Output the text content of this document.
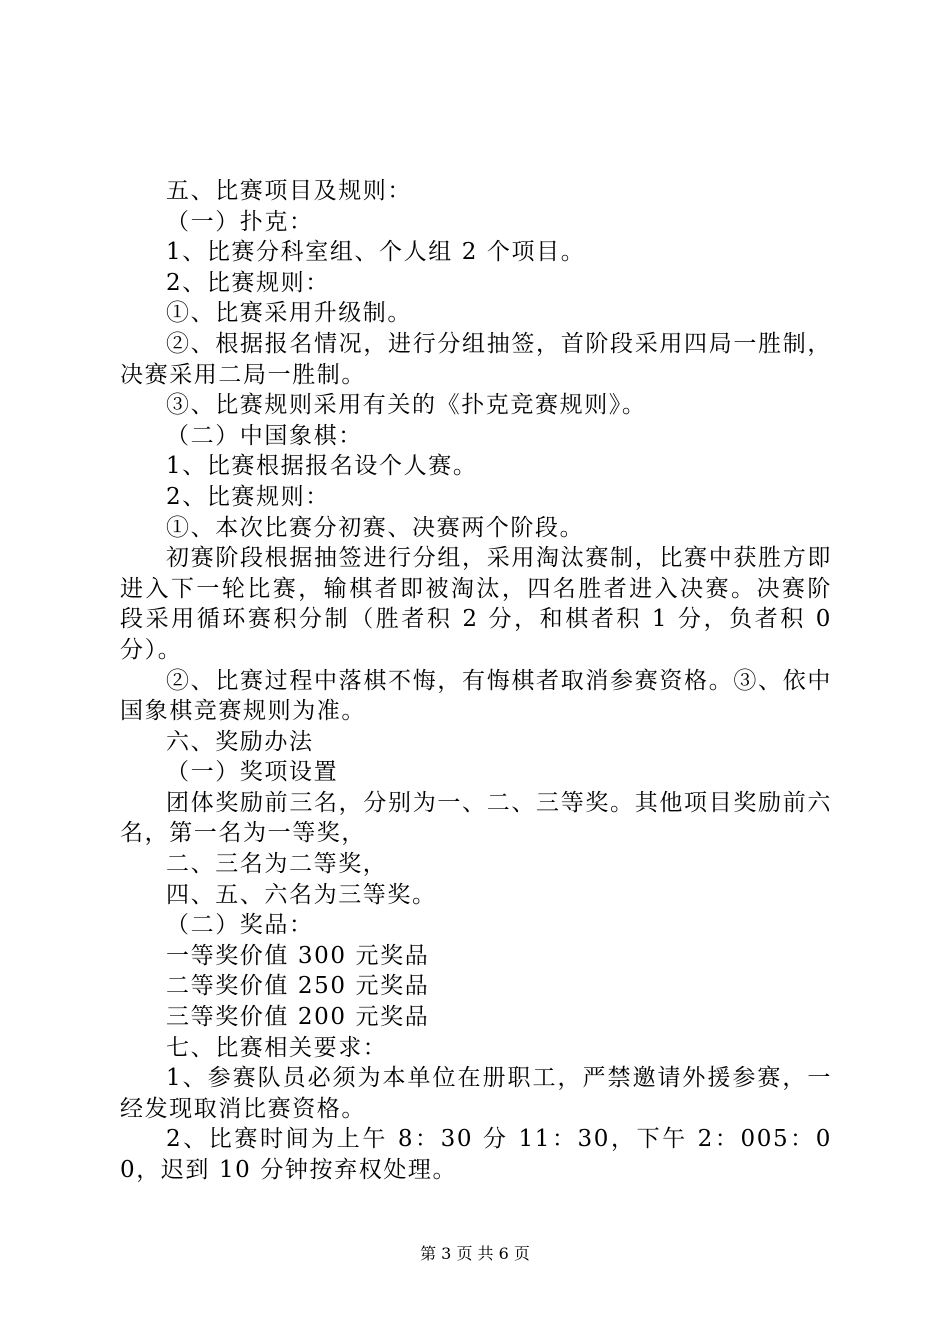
五、比赛项目及规则：

（一）扑克：

1、比赛分科室组、个人组 2 个项目。

2、比赛规则：

①、比赛采用升级制。

②、根据报名情况，进行分组抽签，首阶段采用四局一胜制，决赛采用二局一胜制。

③、比赛规则采用有关的《扑克竞赛规则》。

（二）中国象棋：

1、比赛根据报名设个人赛。

2、比赛规则：

①、本次比赛分初赛、决赛两个阶段。

初赛阶段根据抽签进行分组，采用淘汰赛制，比赛中获胜方即进入下一轮比赛，输棋者即被淘汰，四名胜者进入决赛。决赛阶段采用循环赛积分制（胜者积 2 分，和棋者积 1 分，负者积 0 分）。

②、比赛过程中落棋不悔，有悔棋者取消参赛资格。③、依中国象棋竞赛规则为准。

六、奖励办法

（一）奖项设置

团体奖励前三名，分别为一、二、三等奖。其他项目奖励前六名，第一名为一等奖，

二、三名为二等奖，

四、五、六名为三等奖。

（二）奖品：

一等奖价值 300 元奖品

二等奖价值 250 元奖品

三等奖价值 200 元奖品

七、比赛相关要求：

1、参赛队员必须为本单位在册职工，严禁邀请外援参赛，一经发现取消比赛资格。

2、比赛时间为上午 8：30 分 11：30，下午 2：005：00，迟到 10 分钟按弃权处理。

第 3 页 共 6 页
